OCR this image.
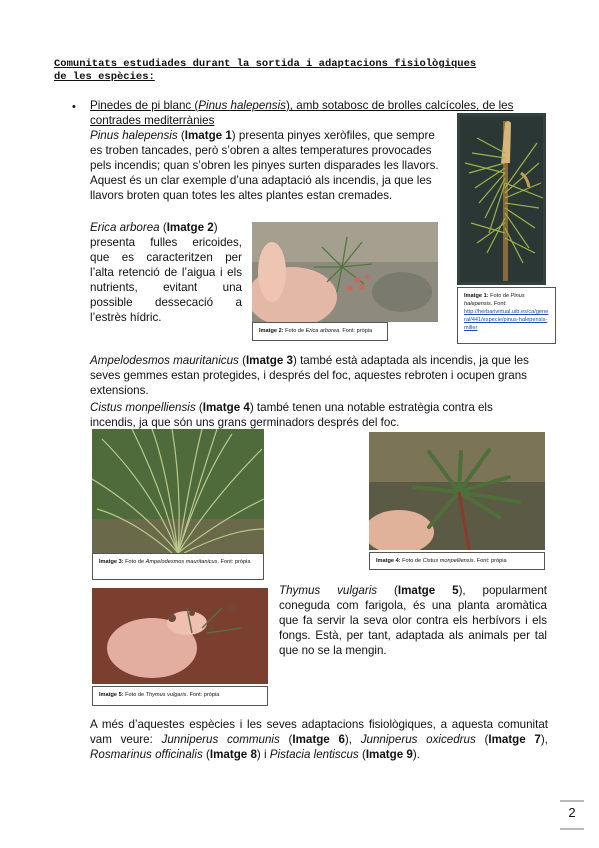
Comunitats estudiades durant la sortida i adaptacions fisiològiques
de les espècies:
• Pinedes de pi blanc (Pinus halepensis), amb sotabosc de brolles calcícoles, de les
contrades mediterrànies
Pinus halepensis (Imatge 1) presenta pinyes xeròfiles, que sempre
es troben tancades, però s’obren a altes temperatures provocades
pels incendis; quan s’obren les pinyes surten disparades les llavors.
Aquest és un clar exemple d’una adaptació als incendis, ja que les
llavors broten quan totes les altes plantes estan cremades.
Imatge 1: Foto de Pinus
halepensis. Font:
http://herbarivirtual.uib.es/ca/general/441/especie/pinus-halepensis-miller
Erica arborea (Imatge 2)
presenta fulles ericoides,
que es caracteritzen per
l’alta retenció de l’aigua i els
nutrients, evitant una
possible dessecació a
l’estrès hídric.
Imatge 2: Foto de Erica arborea. Font: pròpia
Ampelodesmos mauritanicus (Imatge 3) també està adaptada als incendis, ja que les
seves gemmes estan protegides, i després del foc, aquestes rebroten i ocupen grans
extensions.
Cistus monpelliensis (Imatge 4) també tenen una notable estratègia contra els
incendis, ja que són uns grans germinadors després del foc.
Imatge 3: Foto de Ampelodesmos mauritanicus. Font: pròpia	Imatge 4: Foto de Cistus monpelliensis. Font: pròpia
Imatge 5: Foto de Thymus vulgaris. Font: pròpia
Thymus vulgaris (Imatge 5), popularment
coneguda com farigola, és una planta aromàtica
que fa servir la seva olor contra els herbívors i els
fongs. Està, per tant, adaptada als animals per tal
que no se la mengin.
A més d’aquestes espècies i les seves adaptacions fisiològiques, a aquesta comunitat
vam veure: Junniperus communis (Imatge 6), Junniperus oxicedrus (Imatge 7),
Rosmarinus officinalis (Imatge 8) i Pistacia lentiscus (Imatge 9).
2
